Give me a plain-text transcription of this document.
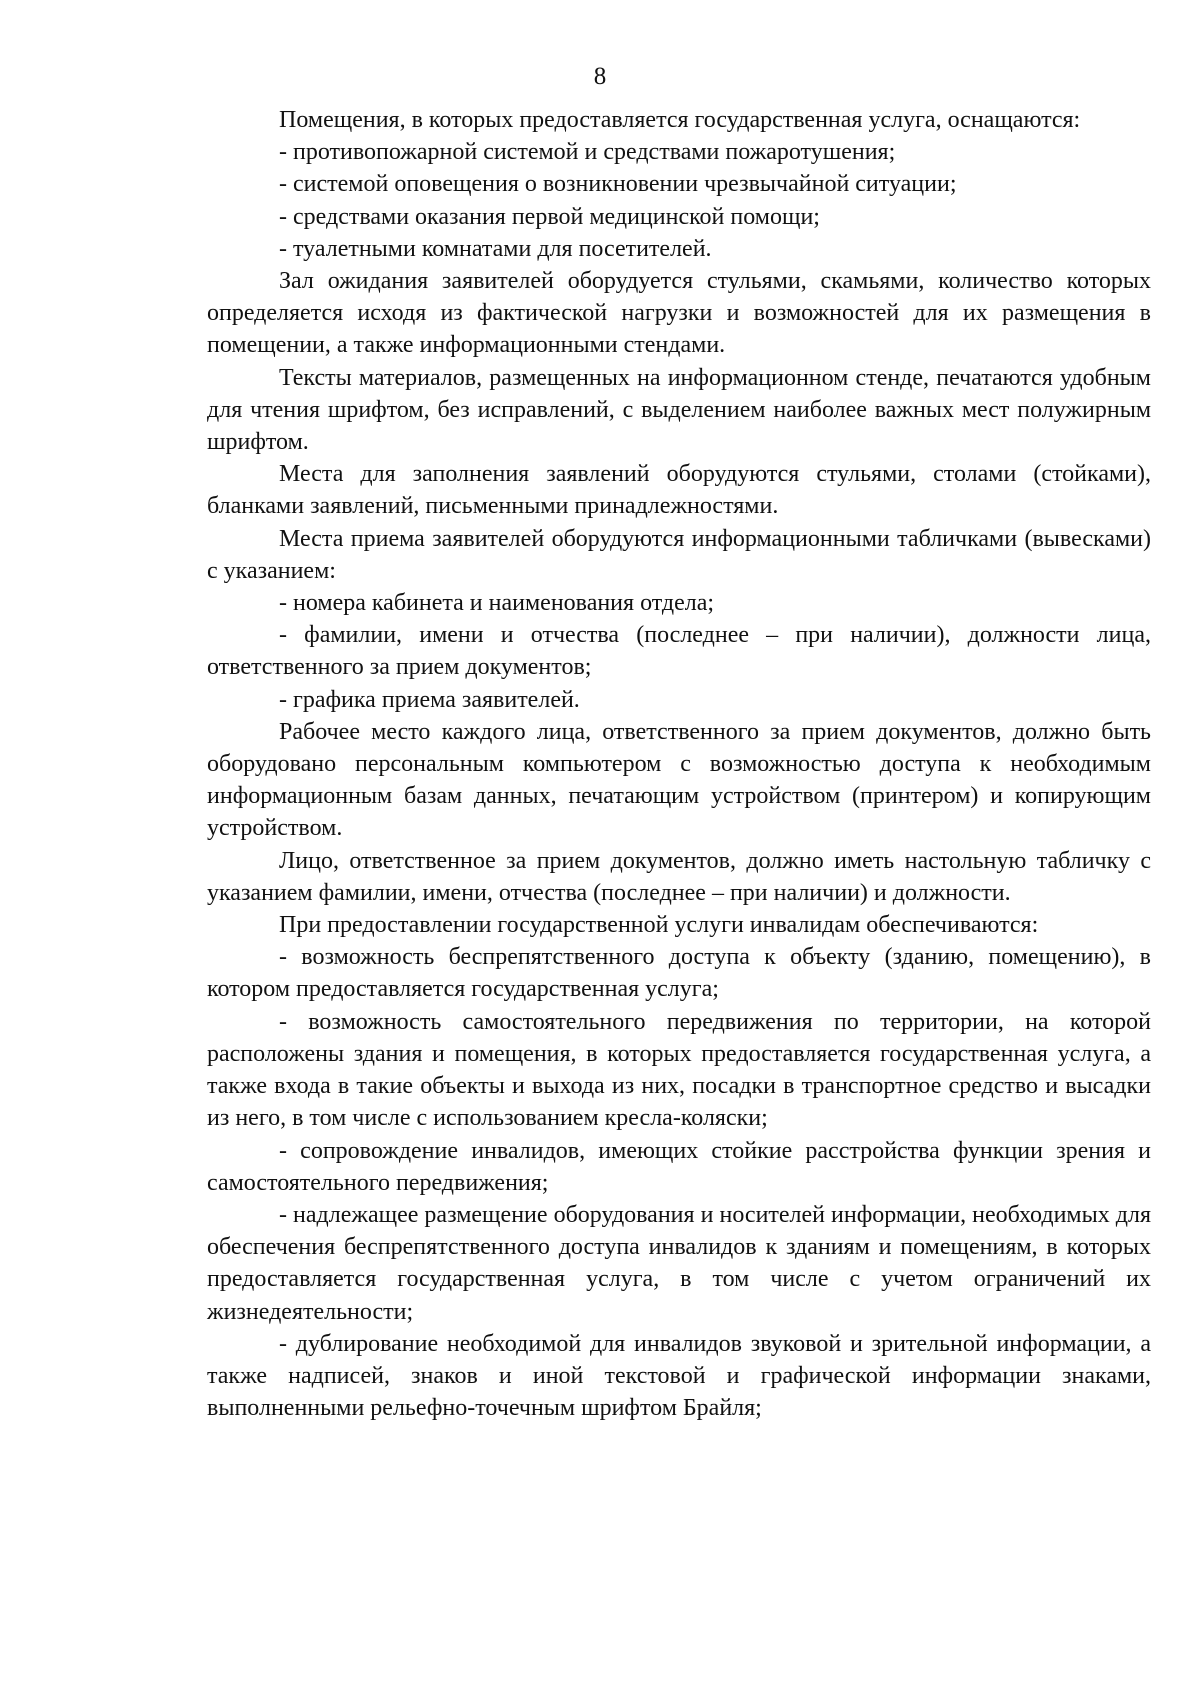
8

Помещения, в которых предоставляется государственная услуга, оснащаются:

- противопожарной системой и средствами пожаротушения;

- системой оповещения о возникновении чрезвычайной ситуации;

- средствами оказания первой медицинской помощи;

- туалетными комнатами для посетителей.

Зал ожидания заявителей оборудуется стульями, скамьями, количество которых определяется исходя из фактической нагрузки и возможностей для их размещения в помещении, а также информационными стендами.

Тексты материалов, размещенных на информационном стенде, печатаются удобным для чтения шрифтом, без исправлений, с выделением наиболее важных мест полужирным шрифтом.

Места для заполнения заявлений оборудуются стульями, столами (стойками), бланками заявлений, письменными принадлежностями.

Места приема заявителей оборудуются информационными табличками (вывесками) с указанием:

- номера кабинета и наименования отдела;

- фамилии, имени и отчества (последнее – при наличии), должности лица, ответственного за прием документов;

- графика приема заявителей.

Рабочее место каждого лица, ответственного за прием документов, должно быть оборудовано персональным компьютером с возможностью доступа к необходимым информационным базам данных, печатающим устройством (принтером) и копирующим устройством.

Лицо, ответственное за прием документов, должно иметь настольную табличку с указанием фамилии, имени, отчества (последнее – при наличии) и должности.

При предоставлении государственной услуги инвалидам обеспечиваются:

- возможность беспрепятственного доступа к объекту (зданию, помещению), в котором предоставляется государственная услуга;

- возможность самостоятельного передвижения по территории, на которой расположены здания и помещения, в которых предоставляется государственная услуга, а также входа в такие объекты и выхода из них, посадки в транспортное средство и высадки из него, в том числе с использованием кресла-коляски;

- сопровождение инвалидов, имеющих стойкие расстройства функции зрения и самостоятельного передвижения;

- надлежащее размещение оборудования и носителей информации, необходимых для обеспечения беспрепятственного доступа инвалидов к зданиям и помещениям, в которых предоставляется государственная услуга, в том числе с учетом ограничений их жизнедеятельности;

- дублирование необходимой для инвалидов звуковой и зрительной информации, а также надписей, знаков и иной текстовой и графической информации знаками, выполненными рельефно-точечным шрифтом Брайля;
